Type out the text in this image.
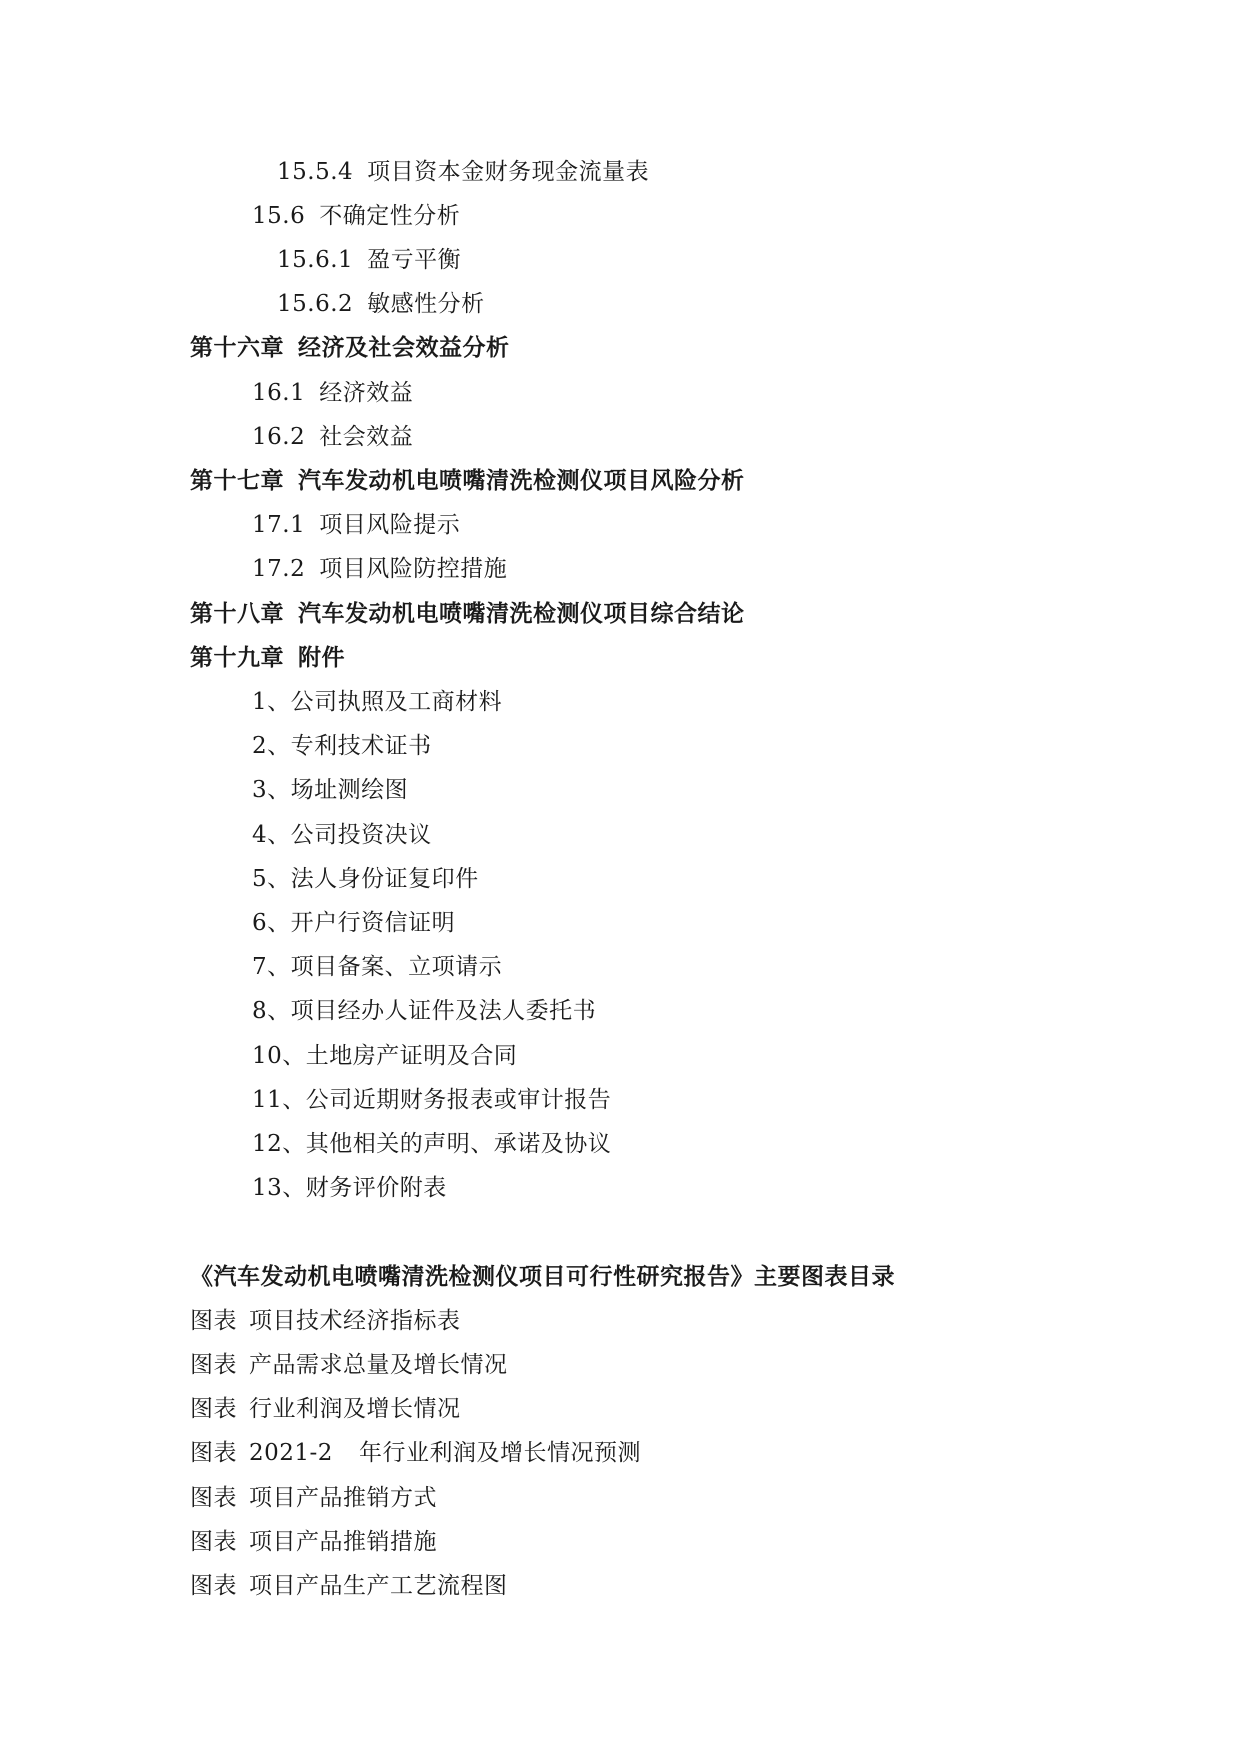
15.5.4 项目资本金财务现金流量表
15.6 不确定性分析
15.6.1 盈亏平衡
15.6.2 敏感性分析
第十六章 经济及社会效益分析
16.1 经济效益
16.2 社会效益
第十七章 汽车发动机电喷嘴清洗检测仪项目风险分析
17.1 项目风险提示
17.2 项目风险防控措施
第十八章 汽车发动机电喷嘴清洗检测仪项目综合结论
第十九章 附件
1、公司执照及工商材料
2、专利技术证书
3、场址测绘图
4、公司投资决议
5、法人身份证复印件
6、开户行资信证明
7、项目备案、立项请示
8、项目经办人证件及法人委托书
10、土地房产证明及合同
11、公司近期财务报表或审计报告
12、其他相关的声明、承诺及协议
13、财务评价附表
《汽车发动机电喷嘴清洗检测仪项目可行性研究报告》主要图表目录
图表 项目技术经济指标表
图表 产品需求总量及增长情况
图表 行业利润及增长情况
图表 2021-2 年行业利润及增长情况预测
图表 项目产品推销方式
图表 项目产品推销措施
图表 项目产品生产工艺流程图
